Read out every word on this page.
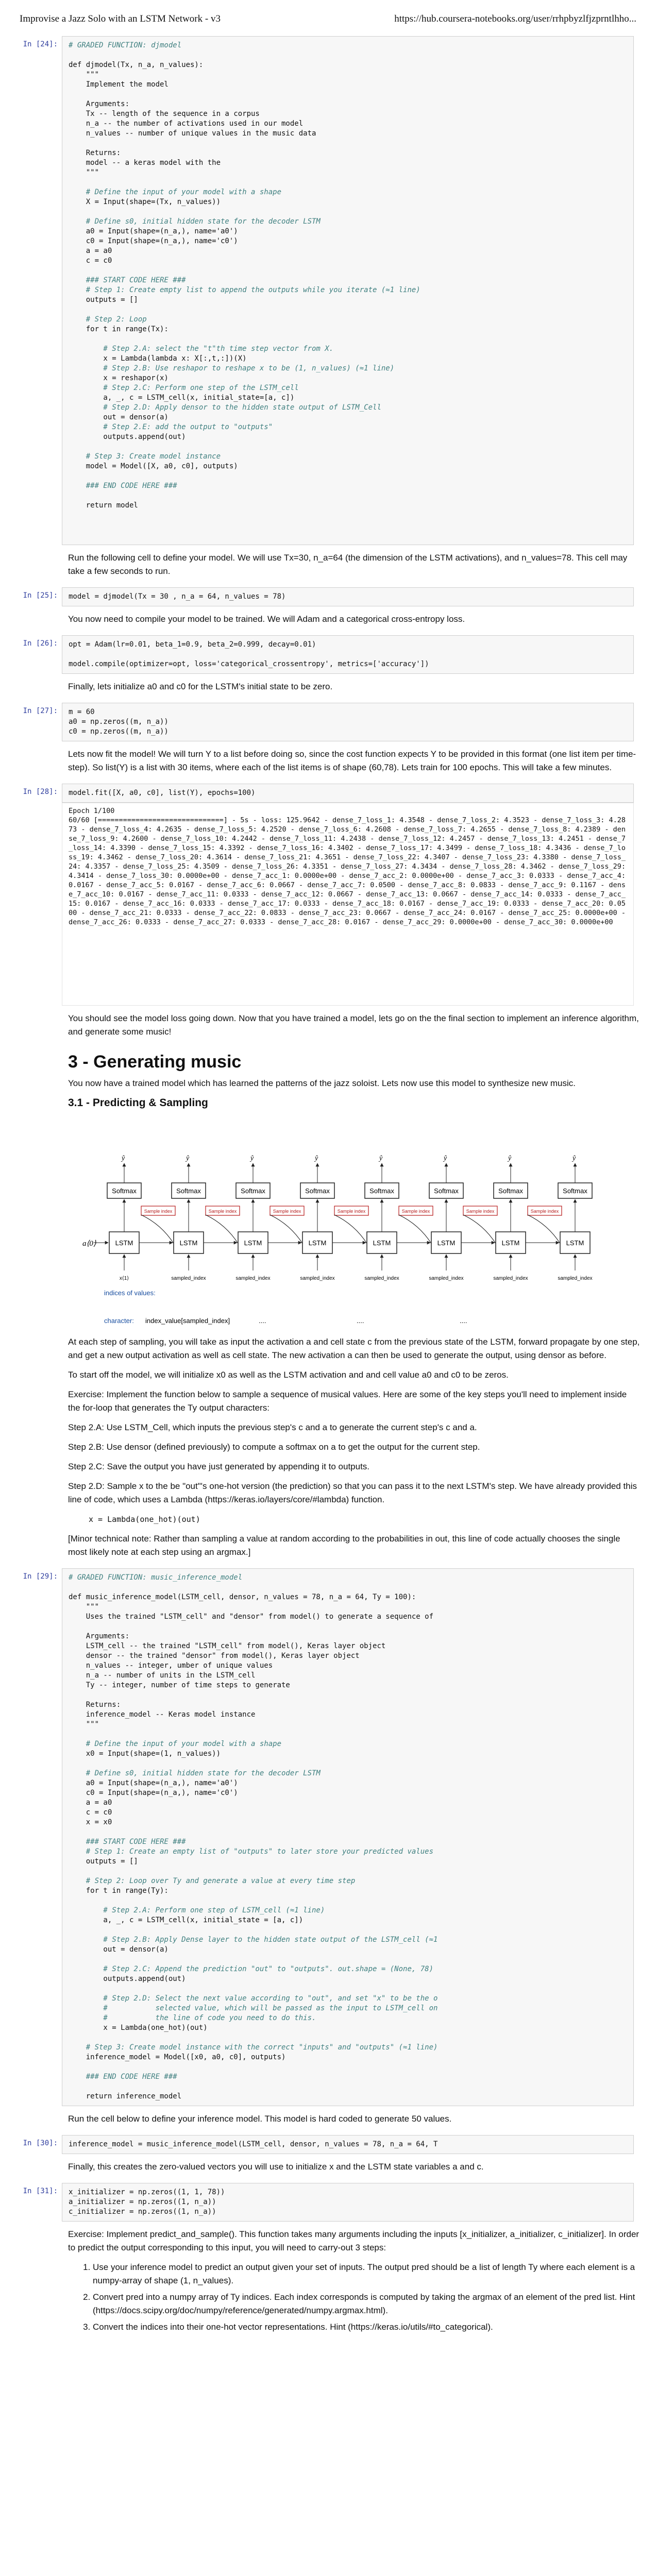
Improvise a Jazz Solo with an LSTM Network - v3	https://hub.coursera-notebooks.org/user/rrhpbyzlfjzprntlhho...
In [24]: # GRADED FUNCTION: djmodel

def djmodel(Tx, n_a, n_values):
"""
Implement the model

Arguments:
Tx -- length of the sequence in a corpus
n_a -- the number of activations used in our model
n_values -- number of unique values in the music data

Returns:
model -- a keras model with the
"""

# Define the input of your model with a shape
X = Input(shape=(Tx, n_values))

# Define s0, initial hidden state for the decoder LSTM
a0 = Input(shape=(n_a,), name='a0')
c0 = Input(shape=(n_a,), name='c0')
a = a0
c = c0

### START CODE HERE ###
# Step 1: Create empty list to append the outputs while you iterate (≈1 line)
outputs = []

# Step 2: Loop
for t in range(Tx):

# Step 2.A: select the "t"th time step vector from X.
x = Lambda(lambda x: X[:,t,:])(X)
# Step 2.B: Use reshapor to reshape x to be (1, n_values) (≈1 line)
x = reshapor(x)
# Step 2.C: Perform one step of the LSTM_cell
a, _, c = LSTM_cell(x, initial_state=[a, c])
# Step 2.D: Apply densor to the hidden state output of LSTM_Cell
out = densor(a)
# Step 2.E: add the output to "outputs"
outputs.append(out)

# Step 3: Create model instance
model = Model([X, a0, c0], outputs)

### END CODE HERE ###

return model

Run the following cell to define your model. We will use Tx=30, n_a=64 (the dimension of the LSTM activations), and n_values=78. This cell may take a few seconds to run.

In [25]: model = djmodel(Tx = 30 , n_a = 64, n_values = 78)

You now need to compile your model to be trained. We will Adam and a categorical cross-entropy loss.

In [26]: opt = Adam(lr=0.01, beta_1=0.9, beta_2=0.999, decay=0.01)

model.compile(optimizer=opt, loss='categorical_crossentropy', metrics=['accuracy'])

Finally, lets initialize a0 and c0 for the LSTM's initial state to be zero.

In [27]: m = 60
a0 = np.zeros((m, n_a))
c0 = np.zeros((m, n_a))

Lets now fit the model! We will turn Y to a list before doing so, since the cost function expects Y to be provided in this format (one list item per time-step). So list(Y) is a list with 30 items, where each of the list items is of shape (60,78). Lets train for 100 epochs. This will take a few minutes.

In [28]: model.fit([X, a0, c0], list(Y), epochs=100)
Epoch 1/100
60/60 [==============================] - 5s - loss: 125.9642 - dense_7_loss_1: 4.3548 - dense_7_loss_2: 4.3523 - dense_7_loss_3: 4.2873 - dense_7_loss_4: 4.2635 - dense_7_loss_5: 4.2520 - dense_7_loss_6: 4.2608 - dense_7_loss_7: 4.2655 - dense_7_loss_8: 4.2389 - dense_7_loss_9: 4.2600 - dense_7_loss_10: 4.2442 - dense_7_loss_11: 4.2438 - dense_7_loss_12: 4.2457 - dense_7_loss_13: 4.2451 - dense_7_loss_14: 4.3390 - dense_7_loss_15: 4.3392 - dense_7_loss_16: 4.3402 - dense_7_loss_17: 4.3499 - dense_7_loss_18: 4.3436 - dense_7_loss_19: 4.3462 - dense_7_loss_20: 4.3614 - dense_7_loss_21: 4.3651 - dense_7_loss_22: 4.3407 - dense_7_loss_23: 4.3380 - dense_7_loss_24: 4.3357 - dense_7_loss_25: 4.3509 - dense_7_loss_26: 4.3351 - dense_7_loss_27: 4.3434 - dense_7_loss_28: 4.3462 - dense_7_loss_29: 4.3414 - dense_7_loss_30: 0.0000e+00 - dense_7_acc_1: 0.0000e+00 - dense_7_acc_2: 0.0000e+00 - dense_7_acc_3: 0.0333 - dense_7_acc_4: 0.0167 - dense_7_acc_5: 0.0167 - dense_7_acc_6: 0.0667 - dense_7_acc_7: 0.0500 - dense_7_acc_8: 0.0833 - dense_7_acc_9: 0.1167 - dense_7_acc_10: 0.0167 - dense_7_acc_11: 0.0333 - dense_7_acc_12: 0.0667 - dense_7_acc_13: 0.0667 - dense_7_acc_14: 0.0333 - dense_7_acc_15: 0.0167 - dense_7_acc_16: 0.0333 - dense_7_acc_17: 0.0333 - dense_7_acc_18: 0.0167 - dense_7_acc_19: 0.0333 - dense_7_acc_20: 0.0500 - dense_7_acc_21: 0.0333 - dense_7_acc_22: 0.0833 - dense_7_acc_23: 0.0667 - dense_7_acc_24: 0.0167 - dense_7_acc_25: 0.0000e+00 - dense_7_acc_26: 0.0333 - dense_7_acc_27: 0.0333 - dense_7_acc_28: 0.0167 - dense_7_acc_29: 0.0000e+00 - dense_7_acc_30: 0.0000e+00

You should see the model loss going down. Now that you have trained a model, lets go on the the final section to implement an inference algorithm, and generate some music!

3 - Generating music

You now have a trained model which has learned the patterns of the jazz soloist. Lets now use this model to synthesize new music.

3.1 - Predicting & Sampling
LSTM
Softmax
ŷ
Sample index
x⟨1⟩
LSTM
Softmax
ŷ
Sample index
sampled_index
LSTM
Softmax
ŷ
Sample index
sampled_index
LSTM
Softmax
ŷ
Sample index
sampled_index
LSTM
Softmax
ŷ
Sample index
sampled_index
LSTM
Softmax
ŷ
Sample index
sampled_index
LSTM
Softmax
ŷ
Sample index
sampled_index
LSTM
Softmax
ŷ
sampled_index
a⟨0⟩
indices of values:
character: index_value[sampled_index]	....	....	....

At each step of sampling, you will take as input the activation a and cell state c from the previous state of the LSTM, forward propagate by one step, and get a new output activation as well as cell state. The new activation a can then be used to generate the output, using densor as before.

To start off the model, we will initialize x0 as well as the LSTM activation and and cell value a0 and c0 to be zeros.

Exercise: Implement the function below to sample a sequence of musical values. Here are some of the key steps you'll need to implement inside the for-loop that generates the Ty output characters:

Step 2.A: Use LSTM_Cell, which inputs the previous step's c and a to generate the current step's c and a.

Step 2.B: Use densor (defined previously) to compute a softmax on a to get the output for the current step.

Step 2.C: Save the output you have just generated by appending it to outputs.

Step 2.D: Sample x to the be "out"'s one-hot version (the prediction) so that you can pass it to the next LSTM's step. We have already provided this line of code, which uses a Lambda (https://keras.io/layers/core/#lambda) function.

x = Lambda(one_hot)(out)

[Minor technical note: Rather than sampling a value at random according to the probabilities in out, this line of code actually chooses the single most likely note at each step using an argmax.]

In [29]: # GRADED FUNCTION: music_inference_model

def music_inference_model(LSTM_cell, densor, n_values = 78, n_a = 64, Ty = 100):
"""
Uses the trained "LSTM_cell" and "densor" from model() to generate a sequence of

Arguments:
LSTM_cell -- the trained "LSTM_cell" from model(), Keras layer object
densor -- the trained "densor" from model(), Keras layer object
n_values -- integer, umber of unique values
n_a -- number of units in the LSTM_cell
Ty -- integer, number of time steps to generate

Returns:
inference_model -- Keras model instance
"""

# Define the input of your model with a shape
x0 = Input(shape=(1, n_values))

# Define s0, initial hidden state for the decoder LSTM
a0 = Input(shape=(n_a,), name='a0')
c0 = Input(shape=(n_a,), name='c0')
a = a0
c = c0
x = x0

### START CODE HERE ###
# Step 1: Create an empty list of "outputs" to later store your predicted values
outputs = []

# Step 2: Loop over Ty and generate a value at every time step
for t in range(Ty):

# Step 2.A: Perform one step of LSTM_cell (≈1 line)
a, _, c = LSTM_cell(x, initial_state = [a, c])

# Step 2.B: Apply Dense layer to the hidden state output of the LSTM_cell (≈1
out = densor(a)

# Step 2.C: Append the prediction "out" to "outputs". out.shape = (None, 78)
outputs.append(out)

# Step 2.D: Select the next value according to "out", and set "x" to be the o
#           selected value, which will be passed as the input to LSTM_cell on
#           the line of code you need to do this.
x = Lambda(one_hot)(out)

# Step 3: Create model instance with the correct "inputs" and "outputs" (≈1 line)
inference_model = Model([x0, a0, c0], outputs)

### END CODE HERE ###

return inference_model

Run the cell below to define your inference model. This model is hard coded to generate 50 values.

In [30]: inference_model = music_inference_model(LSTM_cell, densor, n_values = 78, n_a = 64, T

Finally, this creates the zero-valued vectors you will use to initialize x and the LSTM state variables a and c.

In [31]: x_initializer = np.zeros((1, 1, 78))
a_initializer = np.zeros((1, n_a))
c_initializer = np.zeros((1, n_a))

Exercise: Implement predict_and_sample(). This function takes many arguments including the inputs [x_initializer, a_initializer, c_initializer]. In order to predict the output corresponding to this input, you will need to carry-out 3 steps:

1. Use your inference model to predict an output given your set of inputs. The output pred should be a list of length Ty where each element is a numpy-array of shape (1, n_values).
2. Convert pred into a numpy array of Ty indices. Each index corresponds is computed by taking the argmax of an element of the pred list. Hint (https://docs.scipy.org/doc/numpy/reference/generated/numpy.argmax.html).
3. Convert the indices into their one-hot vector representations. Hint (https://keras.io/utils/#to_categorical).
